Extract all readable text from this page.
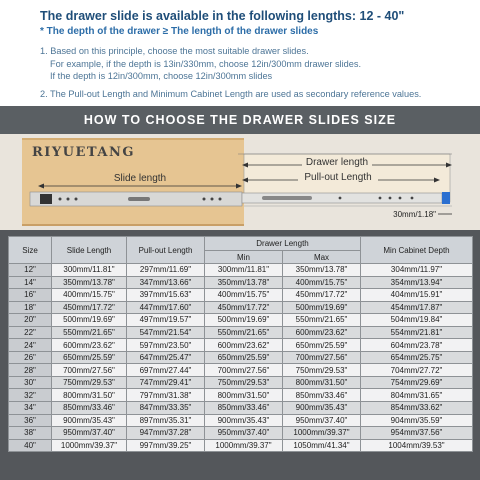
The drawer slide is available in the following lengths: 12 - 40"
* The depth of the drawer ≥ The length of the drawer slides
1. Based on this principle, choose the most suitable drawer slides.
For example, if the depth is 13in/330mm, choose 12in/300mm drawer slides.
If the depth is 12in/300mm, choose 12in/300mm slides
2. The Pull-out Length and Minimum Cabinet Length are used as secondary reference values.
HOW TO CHOOSE THE DRAWER SLIDES SIZE
RIYUETANG
Slide length
Drawer length
Pull-out Length
30mm/1.18"
Size	Slide Length	Pull-out Length	Drawer Length		Min Cabinet Depth
			Min	Max	
12"	300mm/11.81"	297mm/11.69"	300mm/11.81"	350mm/13.78"	304mm/11.97"
14"	350mm/13.78"	347mm/13.66"	350mm/13.78"	400mm/15.75"	354mm/13.94"
16"	400mm/15.75"	397mm/15.63"	400mm/15.75"	450mm/17.72"	404mm/15.91"
18"	450mm/17.72"	447mm/17.60"	450mm/17.72"	500mm/19.69"	454mm/17.87"
20"	500mm/19.69"	497mm/19.57"	500mm/19.69"	550mm/21.65"	504mm/19.84"
22"	550mm/21.65"	547mm/21.54"	550mm/21.65"	600mm/23.62"	554mm/21.81"
24"	600mm/23.62"	597mm/23.50"	600mm/23.62"	650mm/25.59"	604mm/23.78"
26"	650mm/25.59"	647mm/25.47"	650mm/25.59"	700mm/27.56"	654mm/25.75"
28"	700mm/27.56"	697mm/27.44"	700mm/27.56"	750mm/29.53"	704mm/27.72"
30"	750mm/29.53"	747mm/29.41"	750mm/29.53"	800mm/31.50"	754mm/29.69"
32"	800mm/31.50"	797mm/31.38"	800mm/31.50"	850mm/33.46"	804mm/31.65"
34"	850mm/33.46"	847mm/33.35"	850mm/33.46"	900mm/35.43"	854mm/33.62"
36"	900mm/35.43"	897mm/35.31"	900mm/35.43"	950mm/37.40"	904mm/35.59"
38"	950mm/37.40"	947mm/37.28"	950mm/37.40"	1000mm/39.37"	954mm/37.56"
40"	1000mm/39.37"	997mm/39.25"	1000mm/39.37"	1050mm/41.34"	1004mm/39.53"
